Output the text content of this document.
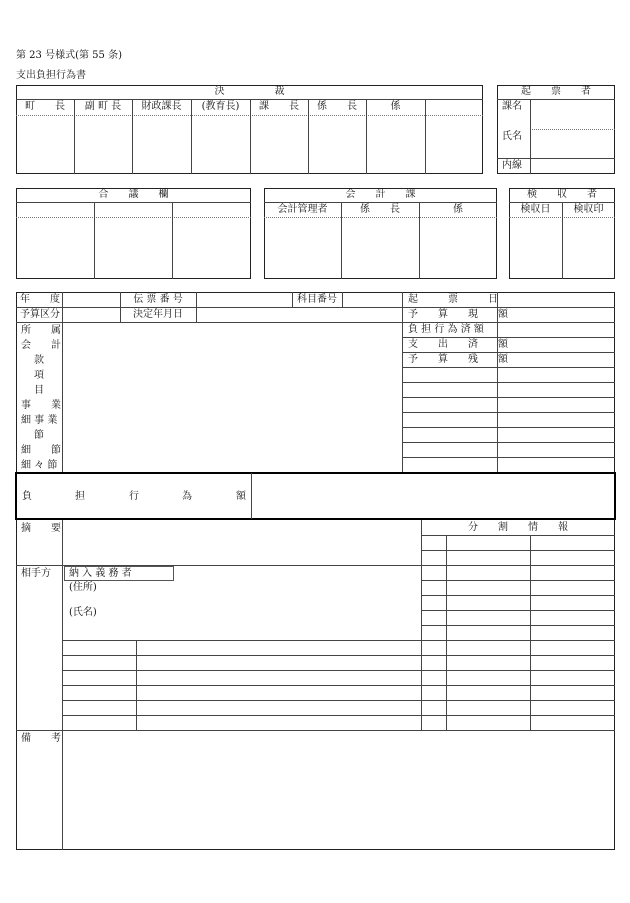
第 23 号様式(第 55 条)
支出負担行為書
決　　　　　裁
町　　長	副 町 長	財政課長	(教育長)	課　　長	係　　長	係
起　　票　　者
課名
氏名
内線
合　　議　　欄	会　　計　　課
会計管理者	係　　長	係
検　　収　　者
検収日	検収印
年　　度	伝 票 番 号	科目番号
予算区分	決定年月日
起　　　票　　　日
予　　算　　現　　額
負 担 行 為 済 額
支　　出　　済　　額
予　　算　　残　　額
所　　属
会　　計
款
項
目
事　　業
細 事 業
節
細　　節
細 々 節
負	担	行	為	額
摘　　要	分　　割　　情　　報
相手方 納 入 義 務 者
(住所)
(氏名)
備　　考
